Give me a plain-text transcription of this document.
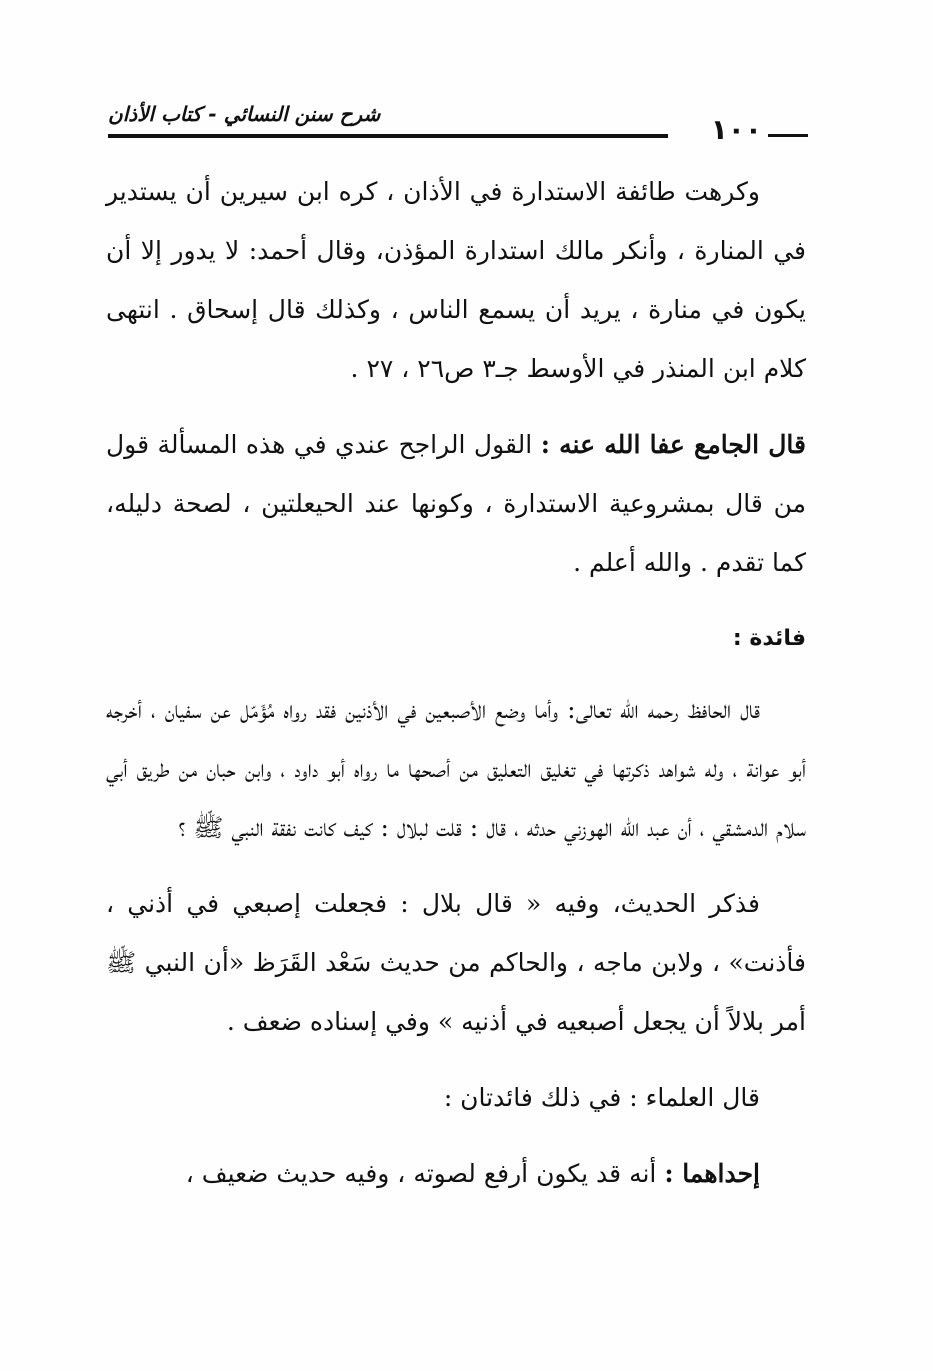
١٠٠
شرح سنن النسائي - كتاب الأذان

وكرهت طائفة الاستدارة في الأذان ، كره ابن سيرين أن يستدير في المنارة ، وأنكر مالك استدارة المؤذن، وقال أحمد: لا يدور إلا أن يكون في منارة ، يريد أن يسمع الناس ، وكذلك قال إسحاق . انتهى كلام ابن المنذر في الأوسط جـ٣ ص٢٦ ، ٢٧ .

قال الجامع عفا الله عنه : القول الراجح عندي في هذه المسألة قول من قال بمشروعية الاستدارة ، وكونها عند الحيعلتين ، لصحة دليله، كما تقدم . والله أعلم .

فائدة :

قال الحافظ رحمه الله تعالى: وأما وضع الأصبعين في الأذنين فقد رواه مُؤَمّل عن سفيان ، أخرجه أبو عوانة ، وله شواهد ذكرتها في تغليق التعليق من أصحها ما رواه أبو داود ، وابن حبان من طريق أبي سلام الدمشقي ، أن عبد الله الهوزني حدثه ، قال : قلت لبلال : كيف كانت نفقة النبي ﷺ ؟

فذكر الحديث، وفيه « قال بلال : فجعلت إصبعي في أذني ، فأذنت» ، ولابن ماجه ، والحاكم من حديث سَعْد القَرَظ «أن النبي ﷺ أمر بلالاً أن يجعل أصبعيه في أذنيه » وفي إسناده ضعف .

قال العلماء : في ذلك فائدتان :

إحداهما : أنه قد يكون أرفع لصوته ، وفيه حديث ضعيف ،
